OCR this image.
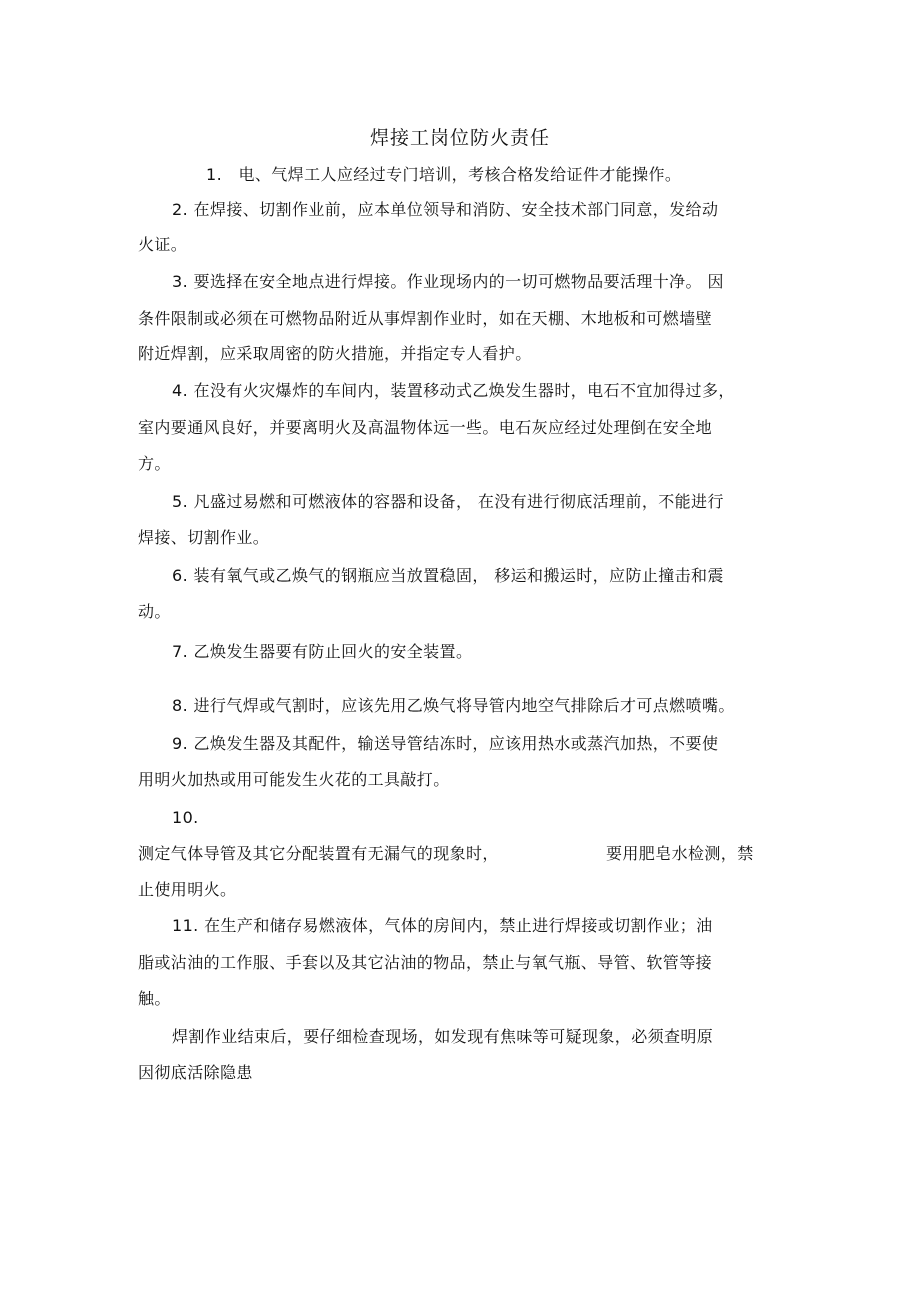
焊接工岗位防火责任
1.　电、气焊工人应经过专门培训，考核合格发给证件才能操作。
2. 在焊接、切割作业前，应本单位领导和消防、安全技术部门同意，发给动
火证。
3. 要选择在安全地点进行焊接。作业现场内的一切可燃物品要活理十净。 因
条件限制或必须在可燃物品附近从事焊割作业时，如在天棚、木地板和可燃墙壁
附近焊割，应采取周密的防火措施，并指定专人看护。
4. 在没有火灾爆炸的车间内，装置移动式乙焕发生器时，电石不宜加得过多，
室内要通风良好，并要离明火及高温物体远一些。电石灰应经过处理倒在安全地
方。
5. 凡盛过易燃和可燃液体的容器和设备， 在没有进行彻底活理前，不能进行
焊接、切割作业。
6. 装有氧气或乙焕气的钢瓶应当放置稳固， 移运和搬运时，应防止撞击和震
动。
7. 乙焕发生器要有防止回火的安全装置。
8. 进行气焊或气割时，应该先用乙焕气将导管内地空气排除后才可点燃喷嘴。
9. 乙焕发生器及其配件，输送导管结冻时，应该用热水或蒸汽加热，不要使
用明火加热或用可能发生火花的工具敲打。
10.
测定气体导管及其它分配装置有无漏气的现象时，	要用肥皂水检测，禁
止使用明火。
11. 在生产和储存易燃液体，气体的房间内，禁止进行焊接或切割作业；油
脂或沾油的工作服、手套以及其它沾油的物品，禁止与氧气瓶、导管、软管等接
触。
焊割作业结束后，要仔细检查现场，如发现有焦味等可疑现象，必须查明原
因彻底活除隐患
